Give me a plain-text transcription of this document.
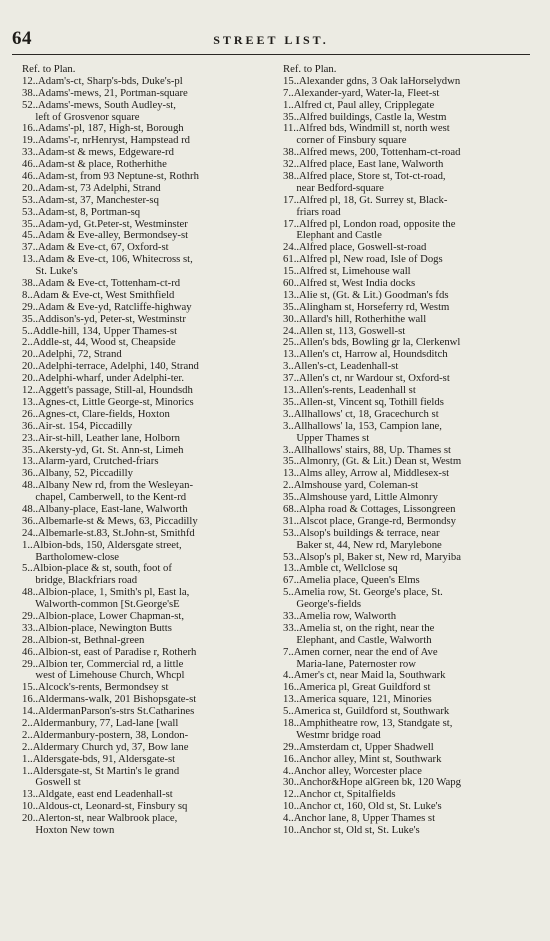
64	STREET LIST.
Ref. to Plan.
12..Adam's-ct, Sharp's-bds, Duke's-pl
38..Adams'-mews, 21, Portman-square
52..Adams'-mews, South Audley-st,
left of Grosvenor square
16..Adams'-pl, 187, High-st, Borough
19..Adams'-r, nrHenryst, Hampstead rd
33..Adam-st & mews, Edgeware-rd
46..Adam-st & place, Rotherhithe
46..Adam-st, from 93 Neptune-st, Rothrh
20..Adam-st, 73 Adelphi, Strand
53..Adam-st, 37, Manchester-sq
53..Adam-st, 8, Portman-sq
35..Adam-yd, Gt.Peter-st, Westminster
45..Adam & Eve-alley, Bermondsey-st
37..Adam & Eve-ct, 67, Oxford-st
13..Adam & Eve-ct, 106, Whitecross st,
St. Luke's
38..Adam & Eve-ct, Tottenham-ct-rd
8..Adam & Eve-ct, West Smithfield
29..Adam & Eve-yd, Ratcliffe-highway
35..Addison's-yd, Peter-st, Westminstr
5..Addle-hill, 134, Upper Thames-st
2..Addle-st, 44, Wood st, Cheapside
20..Adelphi, 72, Strand
20..Adelphi-terrace, Adelphi, 140, Strand
20..Adelphi-wharf, under Adelphi-ter.
12..Aggett's passage, Still-al, Houndsdh
13..Agnes-ct, Little George-st, Minorics
26..Agnes-ct, Clare-fields, Hoxton
36..Air-st. 154, Piccadilly
23..Air-st-hill, Leather lane, Holborn
35..Akersty-yd, Gt. St. Ann-st, Limeh
13..Alarm-yard, Crutched-friars
36..Albany, 52, Piccadilly
48..Albany New rd, from the Wesleyan-
chapel, Camberwell, to the Kent-rd
48..Albany-place, East-lane, Walworth
36..Albemarle-st & Mews, 63, Piccadilly
24..Albemarle-st.83, St.John-st, Smithfd
1..Albion-bds, 150, Aldersgate street,
Bartholomew-close
5..Albion-place & st, south, foot of
bridge, Blackfriars road
48..Albion-place, 1, Smith's pl, East la,
Walworth-common [St.George'sE
29..Albion-place, Lower Chapman-st,
33..Albion-place, Newington Butts
28..Albion-st, Bethnal-green
46..Albion-st, east of Paradise r, Rotherh
29..Albion ter, Commercial rd, a little
west of Limehouse Church, Whcpl
15..Alcock's-rents, Bermondsey st
16..Aldermans-walk, 201 Bishopsgate-st
14..AldermanParson's-strs St.Catharines
2..Aldermanbury, 77, Lad-lane [wall
2..Aldermanbury-postern, 38, London-
2..Aldermary Church yd, 37, Bow lane
1..Aldersgate-bds, 91, Aldersgate-st
1..Aldersgate-st, St Martin's le grand
Goswell st
13..Aldgate, east end Leadenhall-st
10..Aldous-ct, Leonard-st, Finsbury sq
20..Alerton-st, near Walbrook place,
Hoxton New town
Ref. to Plan.
15..Alexander gdns, 3 Oak laHorselydwn
7..Alexander-yard, Water-la, Fleet-st
1..Alfred ct, Paul alley, Cripplegate
35..Alfred buildings, Castle la, Westm
11..Alfred bds, Windmill st, north west
corner of Finsbury square
38..Alfred mews, 200, Tottenham-ct-road
32..Alfred place, East lane, Walworth
38..Alfred place, Store st, Tot-ct-road,
near Bedford-square
17..Alfred pl, 18, Gt. Surrey st, Black-
friars road
17..Alfred pl, London road, opposite the
Elephant and Castle
24..Alfred place, Goswell-st-road
61..Alfred pl, New road, Isle of Dogs
15..Alfred st, Limehouse wall
60..Alfred st, West India docks
13..Alie st, (Gt. & Lit.) Goodman's fds
35..Alingham st, Horseferry rd, Westm
30..Allard's hill, Rotherhithe wall
24..Allen st, 113, Goswell-st
25..Allen's bds, Bowling gr la, Clerkenwl
13..Allen's ct, Harrow al, Houndsditch
3..Allen's-ct, Leadenhall-st
37..Allen's ct, nr Wardour st, Oxford-st
13..Allen's-rents, Leadenhall st
35..Allen-st, Vincent sq, Tothill fields
3..Allhallows' ct, 18, Gracechurch st
3..Allhallows' la, 153, Campion lane,
Upper Thames st
3..Allhallows' stairs, 88, Up. Thames st
35..Almonry, (Gt. & Lit.) Dean st, Westm
13..Alms alley, Arrow al, Middlesex-st
2..Almshouse yard, Coleman-st
35..Almshouse yard, Little Almonry
68..Alpha road & Cottages, Lissongreen
31..Alscot place, Grange-rd, Bermondsy
53..Alsop's buildings & terrace, near
Baker st, 44, New rd, Marylebone
53..Alsop's pl, Baker st, New rd, Maryiba
13..Amble ct, Wellclose sq
67..Amelia place, Queen's Elms
5..Amelia row, St. George's place, St.
George's-fields
33..Amelia row, Walworth
33..Amelia st, on the right, near the
Elephant, and Castle, Walworth
7..Amen corner, near the end of Ave
Maria-lane, Paternoster row
4..Amer's ct, near Maid la, Southwark
16..America pl, Great Guildford st
13..America square, 121, Minories
5..America st, Guildford st, Southwark
18..Amphitheatre row, 13, Standgate st,
Westmr bridge road
29..Amsterdam ct, Upper Shadwell
16..Anchor alley, Mint st, Southwark
4..Anchor alley, Worcester place
30..Anchor&Hope alGreen bk, 120 Wapg
12..Anchor ct, Spitalfields
10..Anchor ct, 160, Old st, St. Luke's
4..Anchor lane, 8, Upper Thames st
10..Anchor st, Old st, St. Luke's
